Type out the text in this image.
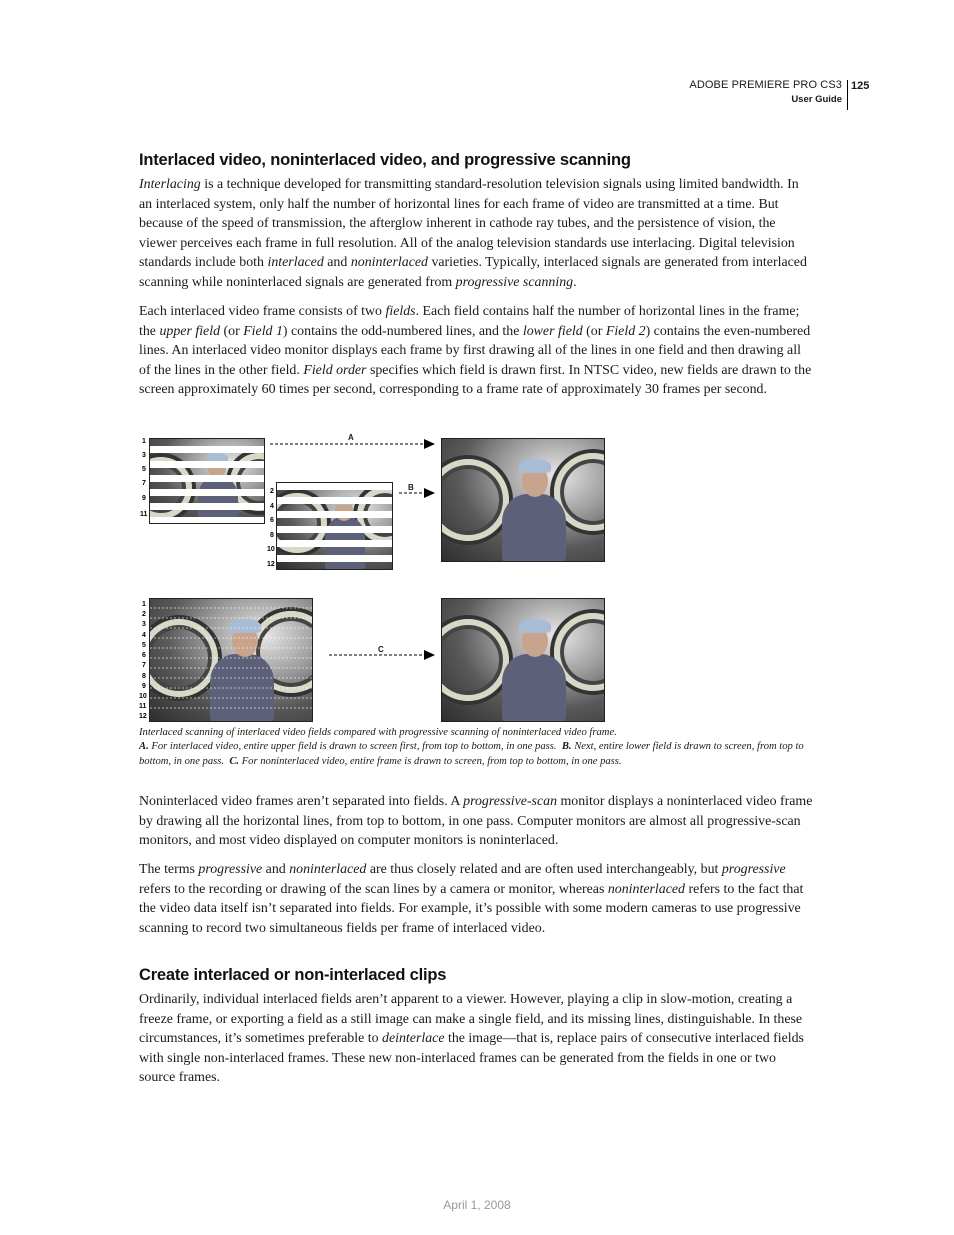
ADOBE PREMIERE PRO CS3
User Guide
125
Interlaced video, noninterlaced video, and progressive scanning

Interlacing is a technique developed for transmitting standard-resolution television signals using limited bandwidth. In an interlaced system, only half the number of horizontal lines for each frame of video are transmitted at a time. But because of the speed of transmission, the afterglow inherent in cathode ray tubes, and the persistence of vision, the viewer perceives each frame in full resolution. All of the analog television standards use interlacing. Digital television standards include both interlaced and noninterlaced varieties. Typically, interlaced signals are generated from interlaced scanning while noninterlaced signals are generated from progressive scanning.

Each interlaced video frame consists of two fields. Each field contains half the number of horizontal lines in the frame; the upper field (or Field 1) contains the odd-numbered lines, and the lower field (or Field 2) contains the even-numbered lines. An interlaced video monitor displays each frame by first drawing all of the lines in one field and then drawing all of the lines in the other field. Field order specifies which field is drawn first. In NTSC video, new fields are drawn to the screen approximately 60 times per second, corresponding to a frame rate of approximately 30 frames per second.

1
3
5
7
9
11
2
4
6
8
10
12
A
B
C
1
2
3
4
5
6
7
8
9
10
11
12
Interlaced scanning of interlaced video fields compared with progressive scanning of noninterlaced video frame.
A. For interlaced video, entire upper field is drawn to screen first, from top to bottom, in one pass. B. Next, entire lower field is drawn to screen, from top to bottom, in one pass. C. For noninterlaced video, entire frame is drawn to screen, from top to bottom, in one pass.

Noninterlaced video frames aren’t separated into fields. A progressive-scan monitor displays a noninterlaced video frame by drawing all the horizontal lines, from top to bottom, in one pass. Computer monitors are almost all progressive-scan monitors, and most video displayed on computer monitors is noninterlaced.

The terms progressive and noninterlaced are thus closely related and are often used interchangeably, but progressive refers to the recording or drawing of the scan lines by a camera or monitor, whereas noninterlaced refers to the fact that the video data itself isn’t separated into fields. For example, it’s possible with some modern cameras to use progressive scanning to record two simultaneous fields per frame of interlaced video.

Create interlaced or non-interlaced clips

Ordinarily, individual interlaced fields aren’t apparent to a viewer. However, playing a clip in slow-motion, creating a freeze frame, or exporting a field as a still image can make a single field, and its missing lines, distinguishable. In these circumstances, it’s sometimes preferable to deinterlace the image—that is, replace pairs of consecutive interlaced fields with single non-interlaced frames. These new non-interlaced frames can be generated from the fields in one or two source frames.

April 1, 2008
